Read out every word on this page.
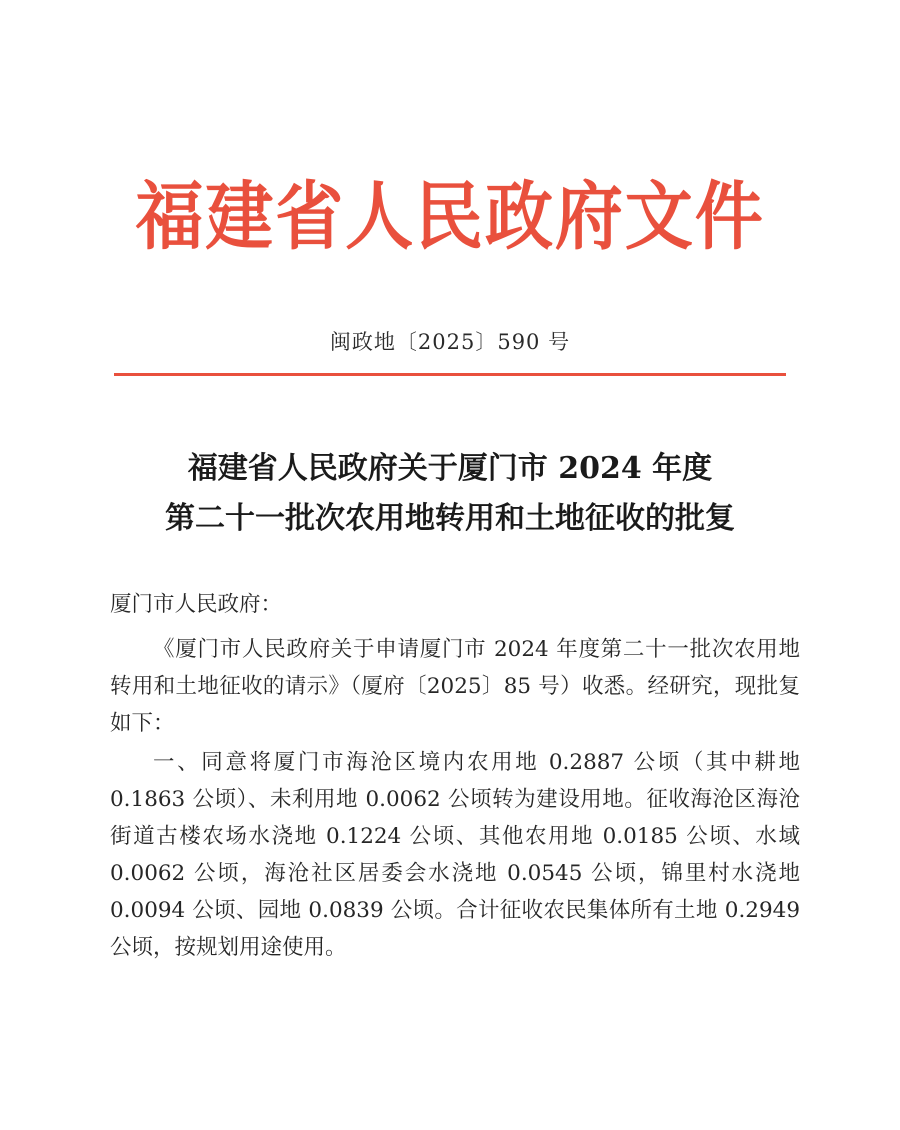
福建省人民政府文件
闽政地〔2025〕590 号
福建省人民政府关于厦门市 2024 年度
第二十一批次农用地转用和土地征收的批复

厦门市人民政府：

《厦门市人民政府关于申请厦门市 2024 年度第二十一批次农用地转用和土地征收的请示》（厦府〔2025〕85 号）收悉。经研究，现批复如下：

一、同意将厦门市海沧区境内农用地 0.2887 公顷（其中耕地 0.1863 公顷）、未利用地 0.0062 公顷转为建设用地。征收海沧区海沧街道古楼农场水浇地 0.1224 公顷、其他农用地 0.0185 公顷、水域 0.0062 公顷，海沧社区居委会水浇地 0.0545 公顷，锦里村水浇地 0.0094 公顷、园地 0.0839 公顷。合计征收农民集体所有土地 0.2949 公顷，按规划用途使用。
